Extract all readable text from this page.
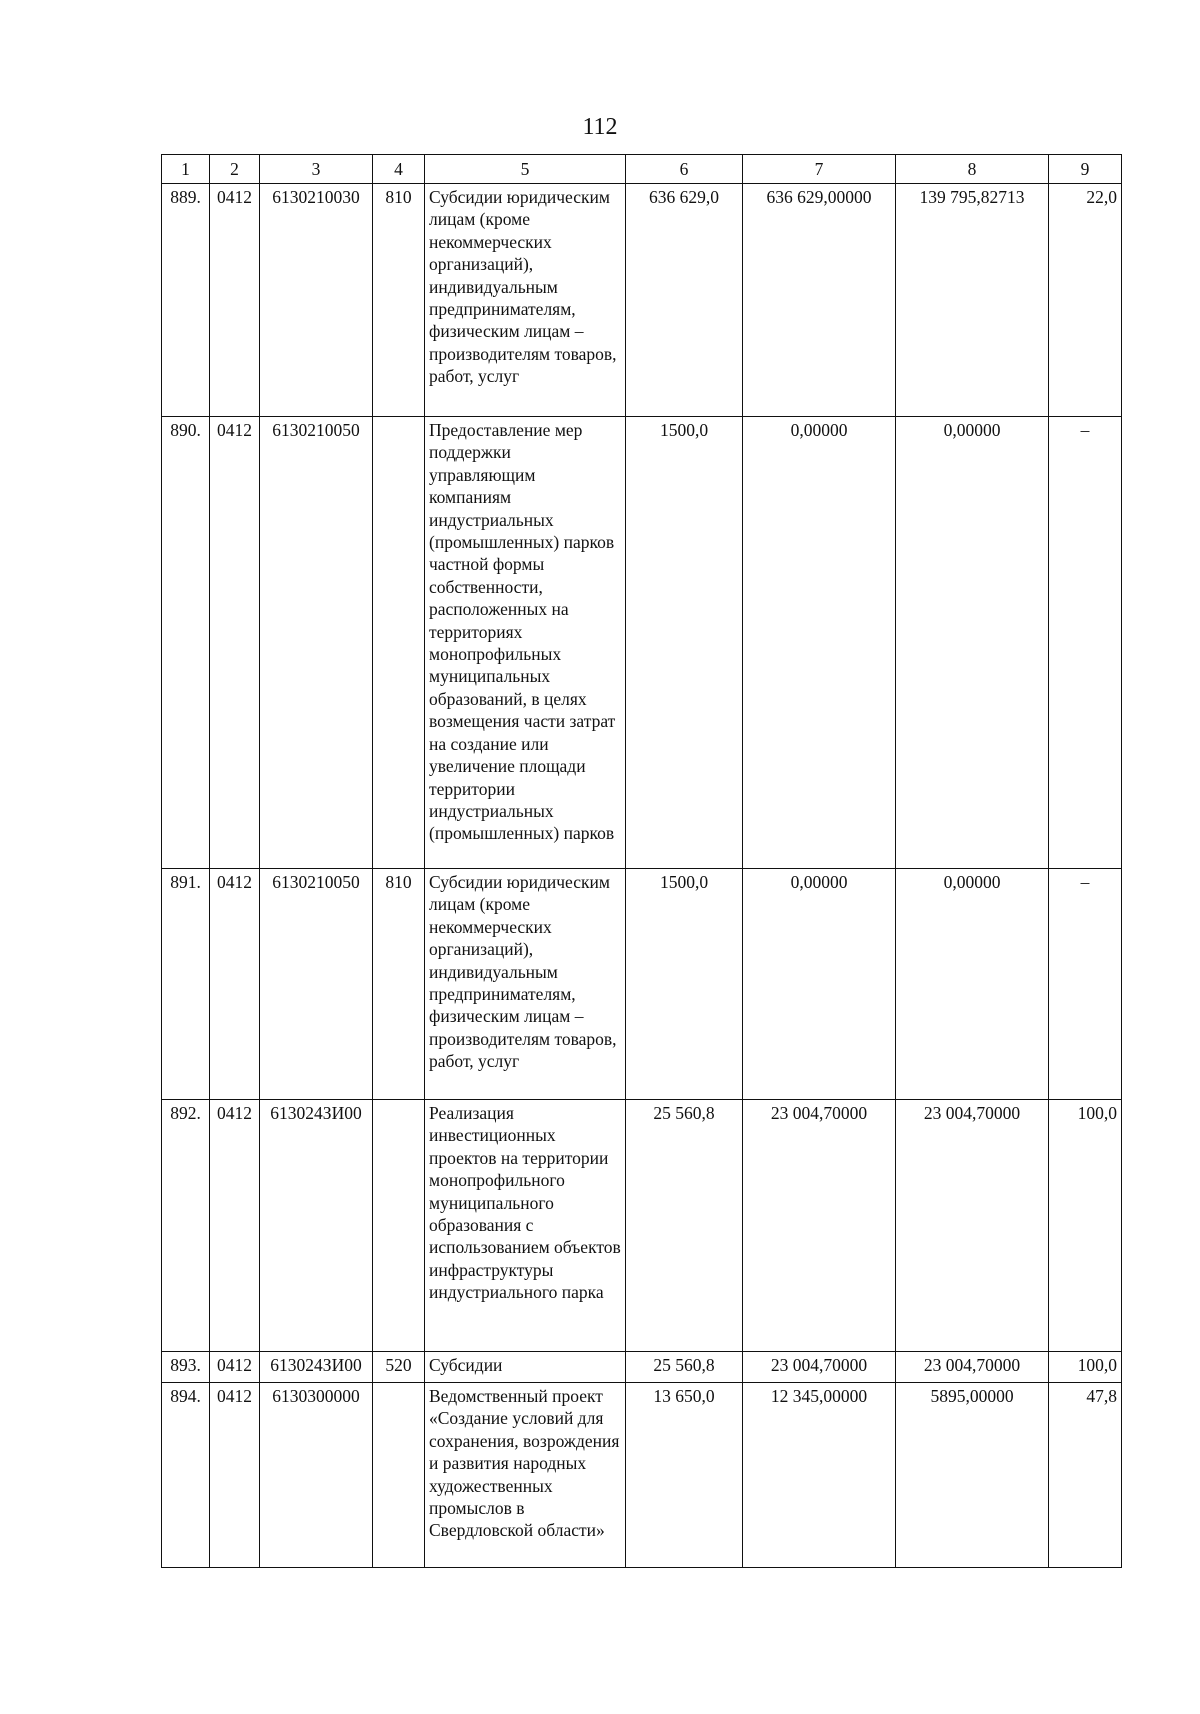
112
1	2	3	4	5	6	7	8	9
889.	0412	6130210030	810	Субсидии юридическим лицам (кроме некоммерческих организаций), индивидуальным предпринимателям, физическим лицам – производителям товаров, работ, услуг	636 629,0	636 629,00000	139 795,82713	22,0
890.	0412	6130210050		Предоставление мер поддержки управляющим компаниям индустриальных (промышленных) парков частной формы собственности, расположенных на территориях монопрофильных муниципальных образований, в целях возмещения части затрат на создание или увеличение площади территории индустриальных (промышленных) парков	1500,0	0,00000	0,00000	–
891.	0412	6130210050	810	Субсидии юридическим лицам (кроме некоммерческих организаций), индивидуальным предпринимателям, физическим лицам – производителям товаров, работ, услуг	1500,0	0,00000	0,00000	–
892.	0412	613024ЗИ00		Реализация инвестиционных проектов на территории монопрофильного муниципального образования с использованием объектов инфраструктуры индустриального парка	25 560,8	23 004,70000	23 004,70000	100,0
893.	0412	613024ЗИ00	520	Субсидии	25 560,8	23 004,70000	23 004,70000	100,0
894.	0412	6130300000		Ведомственный проект «Создание условий для сохранения, возрождения и развития народных художественных промыслов в Свердловской области»	13 650,0	12 345,00000	5895,00000	47,8
